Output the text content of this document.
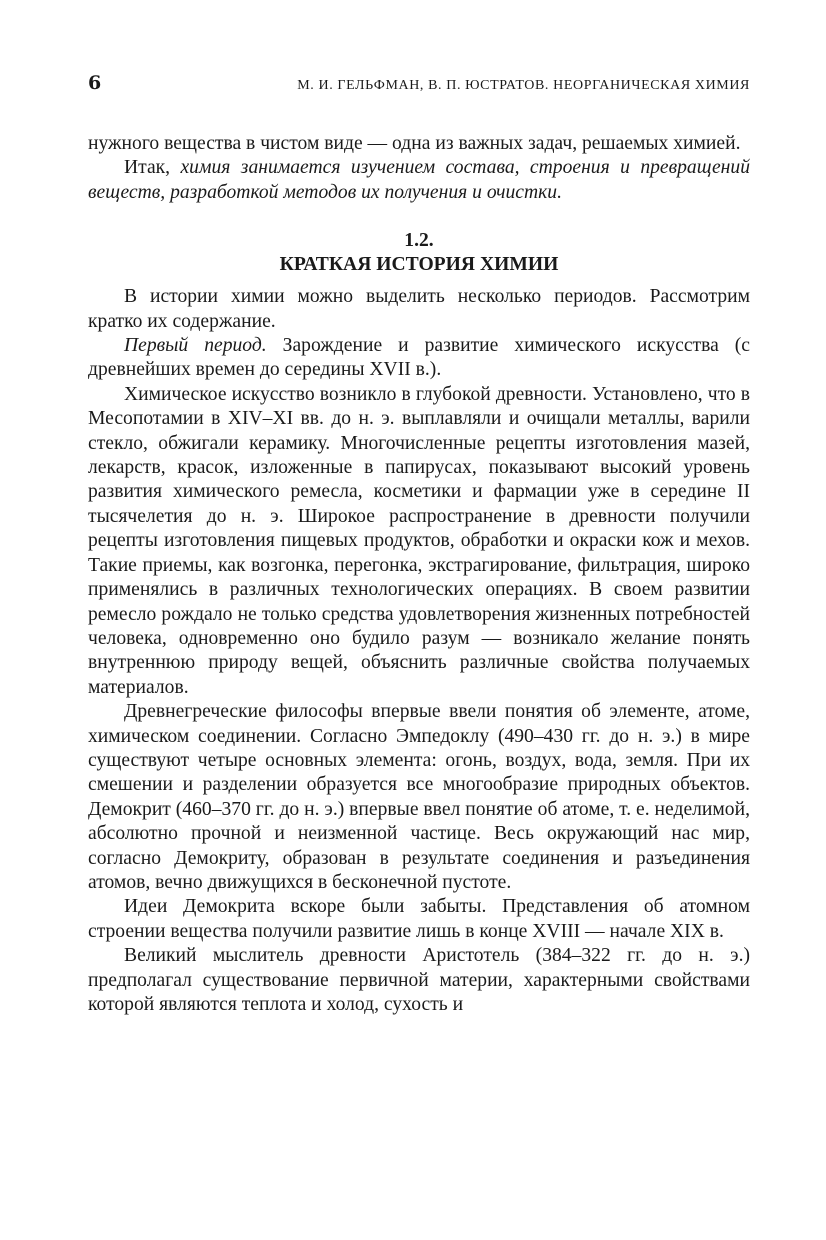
6	М. И. ГЕЛЬФМАН, В. П. ЮСТРАТОВ. НЕОРГАНИЧЕСКАЯ ХИМИЯ

нужного вещества в чистом виде — одна из важных задач, решаемых химией.

Итак, химия занимается изучением состава, строения и превращений веществ, разработкой методов их получения и очистки.

1.2.
КРАТКАЯ ИСТОРИЯ ХИМИИ

В истории химии можно выделить несколько периодов. Рассмотрим кратко их содержание.

Первый период. Зарождение и развитие химического искусства (с древнейших времен до середины XVII в.).

Химическое искусство возникло в глубокой древности. Установлено, что в Месопотамии в XIV–XI вв. до н. э. выплавляли и очищали металлы, варили стекло, обжигали керамику. Многочисленные рецепты изготовления мазей, лекарств, красок, изложенные в папирусах, показывают высокий уровень развития химического ремесла, косметики и фармации уже в середине II тысячелетия до н. э. Широкое распространение в древности получили рецепты изготовления пищевых продуктов, обработки и окраски кож и мехов. Такие приемы, как возгонка, перегонка, экстрагирование, фильтрация, широко применялись в различных технологических операциях. В своем развитии ремесло рождало не только средства удовлетворения жизненных потребностей человека, одновременно оно будило разум — возникало желание понять внутреннюю природу вещей, объяснить различные свойства получаемых материалов.

Древнегреческие философы впервые ввели понятия об элементе, атоме, химическом соединении. Согласно Эмпедоклу (490–430 гг. до н. э.) в мире существуют четыре основных элемента: огонь, воздух, вода, земля. При их смешении и разделении образуется все многообразие природных объектов. Демокрит (460–370 гг. до н. э.) впервые ввел понятие об атоме, т. е. неделимой, абсолютно прочной и неизменной частице. Весь окружающий нас мир, согласно Демокриту, образован в результате соединения и разъединения атомов, вечно движущихся в бесконечной пустоте.

Идеи Демокрита вскоре были забыты. Представления об атомном строении вещества получили развитие лишь в конце XVIII — начале XIX в.

Великий мыслитель древности Аристотель (384–322 гг. до н. э.) предполагал существование первичной материи, характерными свойствами которой являются теплота и холод, сухость и
